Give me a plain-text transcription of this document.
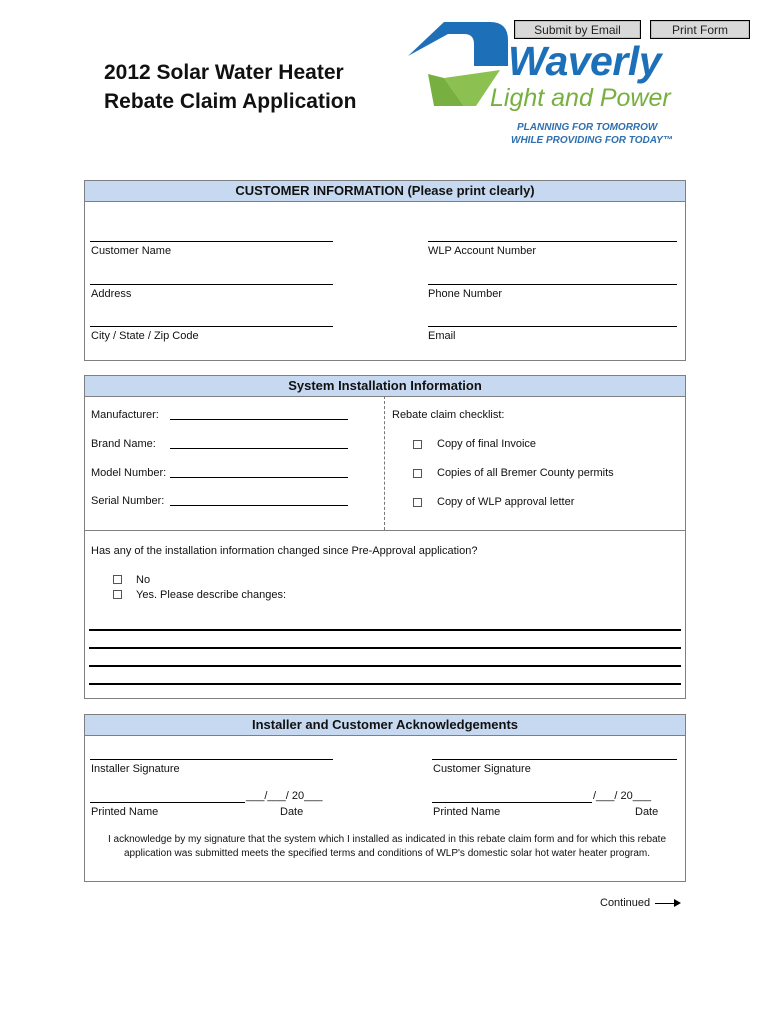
Submit by Email	Print Form
2012 Solar Water Heater
Rebate Claim Application
Waverly
Light and Power
PLANNING FOR TOMORROW
WHILE PROVIDING FOR TODAY™
CUSTOMER INFORMATION (Please print clearly)
Customer Name	WLP Account Number
Address	Phone Number
City / State / Zip Code	Email
System Installation Information
Manufacturer:
Brand Name:
Model Number:
Serial Number:
Rebate claim checklist:
Copy of final Invoice
Copies of all Bremer County permits
Copy of WLP approval letter
Has any of the installation information changed since Pre-Approval application?
No
Yes. Please describe changes:
Installer and Customer Acknowledgements
Installer Signature	Customer Signature
___/___/ 20___	/___/ 20___
Printed Name	Date	Printed Name	Date
I acknowledge by my signature that the system which I installed as indicated in this rebate claim form and for which this rebate application was submitted meets the specified terms and conditions of WLP's domestic solar hot water heater program.
Continued
